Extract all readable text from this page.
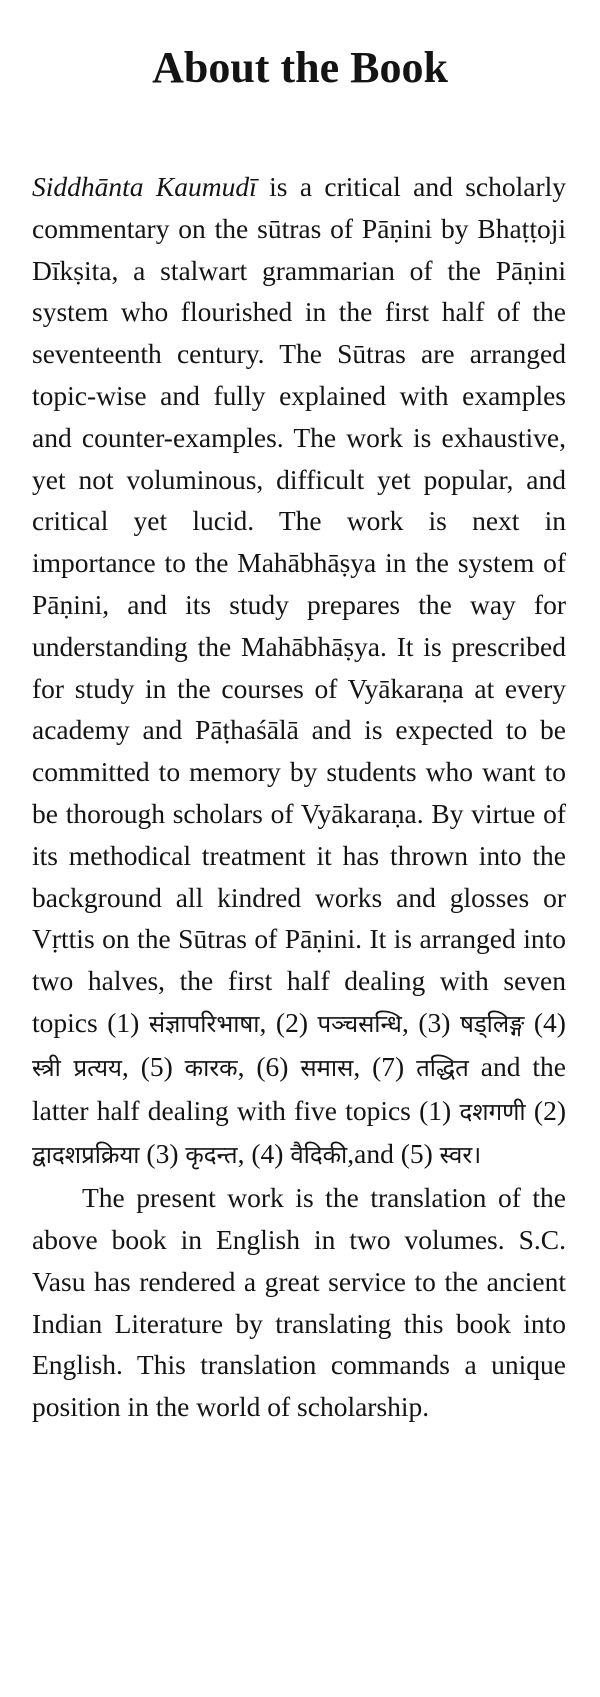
About the Book

Siddhānta Kaumudī is a critical and scholarly commentary on the sūtras of Pāṇini by Bhaṭṭoji Dīkṣita, a stalwart grammarian of the Pāṇini system who flourished in the first half of the seventeenth century. The Sūtras are arranged topic-wise and fully explained with examples and counter-examples. The work is exhaustive, yet not voluminous, difficult yet popular, and critical yet lucid. The work is next in importance to the Mahābhāṣya in the system of Pāṇini, and its study prepares the way for understanding the Mahābhāṣya. It is prescribed for study in the courses of Vyākaraṇa at every academy and Pāṭhaśālā and is expected to be committed to memory by students who want to be thorough scholars of Vyākaraṇa. By virtue of its methodical treatment it has thrown into the background all kindred works and glosses or Vṛttis on the Sūtras of Pāṇini. It is arranged into two halves, the first half dealing with seven topics (1) संज्ञापरिभाषा, (2) पञ्चसन्धि, (3) षड्लिङ्ग (4) स्त्री प्रत्यय, (5) कारक, (6) समास, (7) तद्धित and the latter half dealing with five topics (1) दशगणी (2) द्वादशप्रक्रिया (3) कृदन्त, (4) वैदिकी,and (5) स्वर।

The present work is the translation of the above book in English in two volumes. S.C. Vasu has rendered a great service to the ancient Indian Literature by translating this book into English. This translation commands a unique position in the world of scholarship.
